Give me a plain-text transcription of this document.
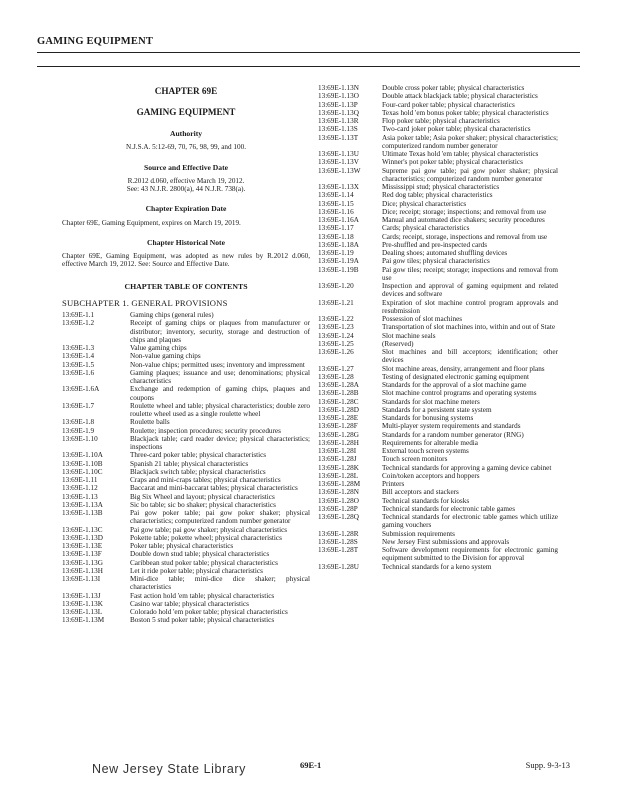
GAMING EQUIPMENT
CHAPTER 69E
GAMING EQUIPMENT
Authority
N.J.S.A. 5:12-69, 70, 76, 98, 99, and 100.
Source and Effective Date
R.2012 d.060, effective March 19, 2012.
See: 43 N.J.R. 2800(a), 44 N.J.R. 738(a).
Chapter Expiration Date
Chapter 69E, Gaming Equipment, expires on March 19, 2019.
Chapter Historical Note
Chapter 69E, Gaming Equipment, was adopted as new rules by R.2012 d.060, effective March 19, 2012. See: Source and Effective Date.
CHAPTER TABLE OF CONTENTS
SUBCHAPTER 1. GENERAL PROVISIONS
13:69E-1.1	Gaming chips (general rules)
13:69E-1.2	Receipt of gaming chips or plaques from manufacturer or distributor; inventory, security, storage and destruction of chips and plaques
13:69E-1.3	Value gaming chips
13:69E-1.4	Non-value gaming chips
13:69E-1.5	Non-value chips; permitted uses; inventory and impressment
13:69E-1.6	Gaming plaques; issuance and use; denominations; physical characteristics
13:69E-1.6A	Exchange and redemption of gaming chips, plaques and coupons
13:69E-1.7	Roulette wheel and table; physical characteristics; double zero roulette wheel used as a single roulette wheel
13:69E-1.8	Roulette balls
13:69E-1.9	Roulette; inspection procedures; security procedures
13:69E-1.10	Blackjack table; card reader device; physical characteristics; inspections
13:69E-1.10A	Three-card poker table; physical characteristics
13:69E-1.10B	Spanish 21 table; physical characteristics
13:69E-1.10C	Blackjack switch table; physical characteristics
13:69E-1.11	Craps and mini-craps tables; physical characteristics
13:69E-1.12	Baccarat and mini-baccarat tables; physical characteristics
13:69E-1.13	Big Six Wheel and layout; physical characteristics
13:69E-1.13A	Sic bo table; sic bo shaker; physical characteristics
13:69E-1.13B	Pai gow poker table; pai gow poker shaker; physical characteristics; computerized random number generator
13:69E-1.13C	Pai gow table; pai gow shaker; physical characteristics
13:69E-1.13D	Pokette table; pokette wheel; physical characteristics
13:69E-1.13E	Poker table; physical characteristics
13:69E-1.13F	Double down stud table; physical characteristics
13:69E-1.13G	Caribbean stud poker table; physical characteristics
13:69E-1.13H	Let it ride poker table; physical characteristics
13:69E-1.13I	Mini-dice table; mini-dice dice shaker; physical characteristics
13:69E-1.13J	Fast action hold 'em table; physical characteristics
13:69E-1.13K	Casino war table; physical characteristics
13:69E-1.13L	Colorado hold 'em poker table; physical characteristics
13:69E-1.13M	Boston 5 stud poker table; physical characteristics
13:69E-1.13N	Double cross poker table; physical characteristics
13:69E-1.13O	Double attack blackjack table; physical characteristics
13:69E-1.13P	Four-card poker table; physical characteristics
13:69E-1.13Q	Texas hold 'em bonus poker table; physical characteristics
13:69E-1.13R	Flop poker table; physical characteristics
13:69E-1.13S	Two-card joker poker table; physical characteristics
13:69E-1.13T	Asia poker table; Asia poker shaker; physical characteristics; computerized random number generator
13:69E-1.13U	Ultimate Texas hold 'em table; physical characteristics
13:69E-1.13V	Winner's pot poker table; physical characteristics
13:69E-1.13W	Supreme pai gow table; pai gow poker shaker; physical characteristics; computerized random number generator
13:69E-1.13X	Mississippi stud; physical characteristics
13:69E-1.14	Red dog table; physical characteristics
13:69E-1.15	Dice; physical characteristics
13:69E-1.16	Dice; receipt; storage; inspections; and removal from use
13:69E-1.16A	Manual and automated dice shakers; security procedures
13:69E-1.17	Cards; physical characteristics
13:69E-1.18	Cards; receipt, storage, inspections and removal from use
13:69E-1.18A	Pre-shuffled and pre-inspected cards
13:69E-1.19	Dealing shoes; automated shuffling devices
13:69E-1.19A	Pai gow tiles; physical characteristics
13:69E-1.19B	Pai gow tiles; receipt; storage; inspections and removal from use
13:69E-1.20	Inspection and approval of gaming equipment and related devices and software
13:69E-1.21	Expiration of slot machine control program approvals and resubmission
13:69E-1.22	Possession of slot machines
13:69E-1.23	Transportation of slot machines into, within and out of State
13:69E-1.24	Slot machine seals
13:69E-1.25	(Reserved)
13:69E-1.26	Slot machines and bill acceptors; identification; other devices
13:69E-1.27	Slot machine areas, density, arrangement and floor plans
13:69E-1.28	Testing of designated electronic gaming equipment
13:69E-1.28A	Standards for the approval of a slot machine game
13:69E-1.28B	Slot machine control programs and operating systems
13:69E-1.28C	Standards for slot machine meters
13:69E-1.28D	Standards for a persistent state system
13:69E-1.28E	Standards for bonusing systems
13:69E-1.28F	Multi-player system requirements and standards
13:69E-1.28G	Standards for a random number generator (RNG)
13:69E-1.28H	Requirements for alterable media
13:69E-1.28I	External touch screen systems
13:69E-1.28J	Touch screen monitors
13:69E-1.28K	Technical standards for approving a gaming device cabinet
13:69E-1.28L	Coin/token acceptors and hoppers
13:69E-1.28M	Printers
13:69E-1.28N	Bill acceptors and stackers
13:69E-1.28O	Technical standards for kiosks
13:69E-1.28P	Technical standards for electronic table games
13:69E-1.28Q	Technical standards for electronic table games which utilize gaming vouchers
13:69E-1.28R	Submission requirements
13:69E-1.28S	New Jersey First submissions and approvals
13:69E-1.28T	Software development requirements for electronic gaming equipment submitted to the Division for approval
13:69E-1.28U	Technical standards for a keno system
New Jersey State Library	69E-1	Supp. 9-3-13
